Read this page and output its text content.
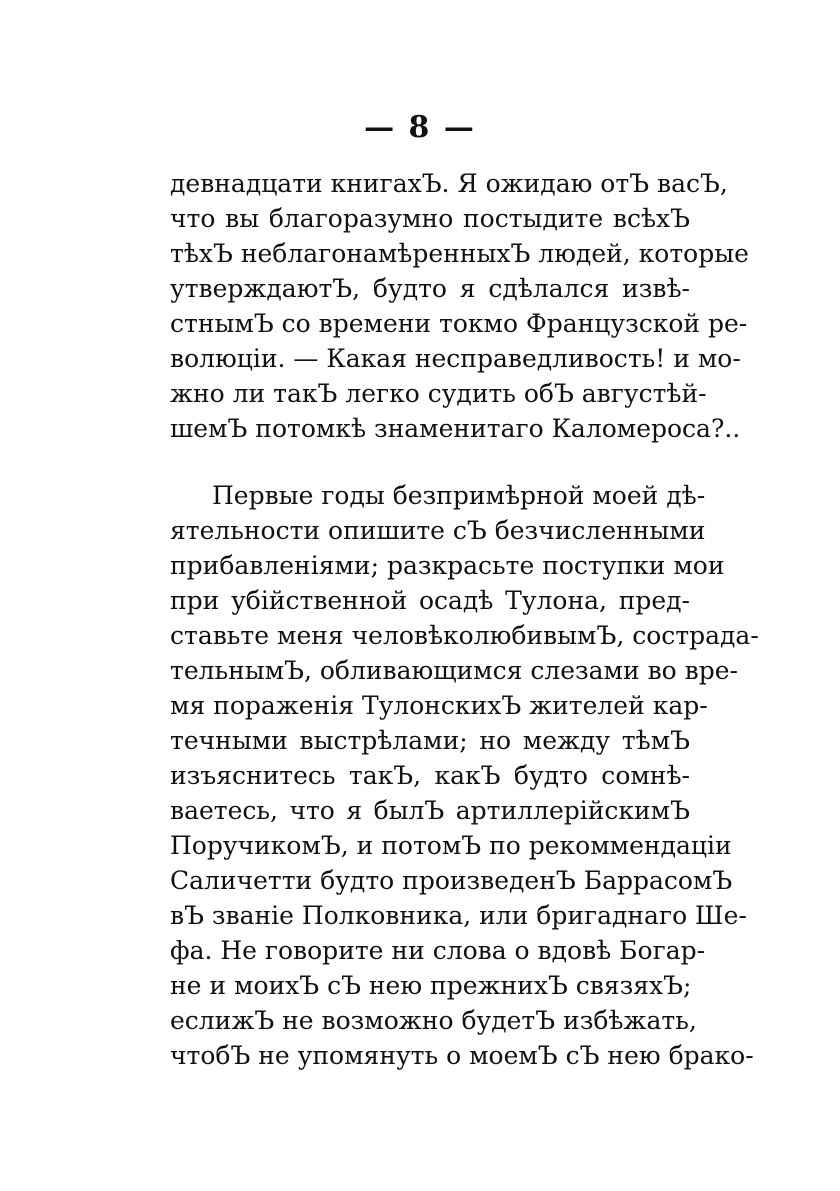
— 8 —
девнадцати книгахЪ. Я ожидаю отЪ васЪ,
что вы благоразумно постыдите всѣхЪ
тѣхЪ неблагонамѣренныхЪ людей, которые
утверждаютЪ, будто я сдѣлался извѣ-
стнымЪ со времени токмо Французской ре-
волюціи. — Какая несправедливость! и мо-
жно ли такЪ легко судить обЪ августѣй-
шемЪ потомкѣ знаменитаго Каломероса?..
Первые годы безпримѣрной моей дѣ-
ятельности опишите сЪ безчисленными
прибавленіями; разкрасьте поступки мои
при убійственной осадѣ Тулона, пред-
ставьте меня человѣколюбивымЪ, сострада-
тельнымЪ, обливающимся слезами во вре-
мя пораженія ТулонскихЪ жителей кар-
течными выстрѣлами; но между тѣмЪ
изъяснитесь такЪ, какЪ будто сомнѣ-
ваетесь, что я былЪ артиллерійскимЪ
ПоручикомЪ, и потомЪ по рекоммендаціи
Саличетти будто произведенЪ БаррасомЪ
вЪ званіе Полковника, или бригаднаго Ше-
фа. Не говорите ни слова о вдовѣ Богар-
не и моихЪ сЪ нею прежнихЪ связяхЪ;
еслижЪ не возможно будетЪ избѣжать,
чтобЪ не упомянуть о моемЪ сЪ нею брако-
